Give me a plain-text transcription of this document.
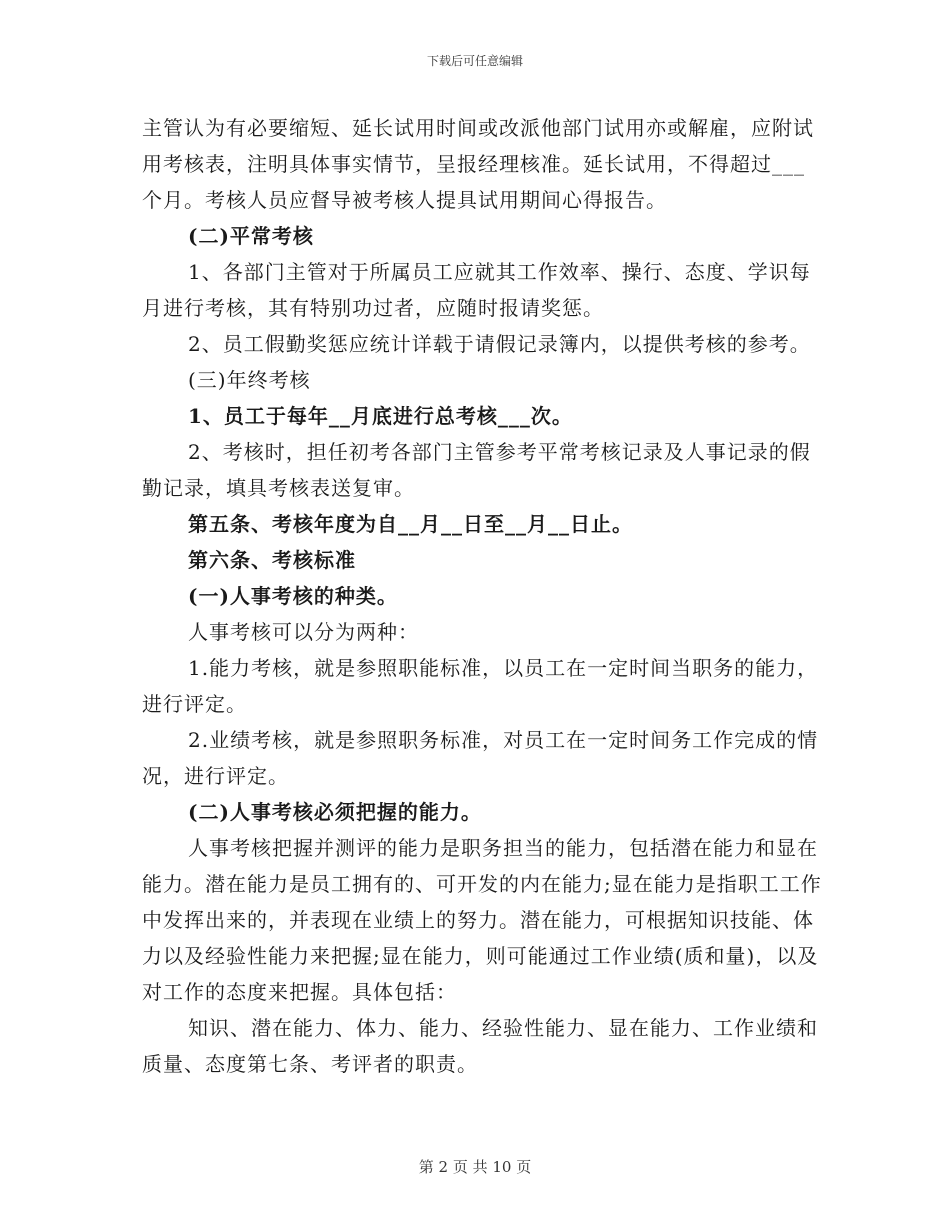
下载后可任意编辑

主管认为有必要缩短、延长试用时间或改派他部门试用亦或解雇，应附试用考核表，注明具体事实情节，呈报经理核准。延长试用，不得超过___个月。考核人员应督导被考核人提具试用期间心得报告。

(二)平常考核

1、各部门主管对于所属员工应就其工作效率、操行、态度、学识每月进行考核，其有特别功过者，应随时报请奖惩。

2、员工假勤奖惩应统计详载于请假记录簿内，以提供考核的参考。

(三)年终考核

1、员工于每年__月底进行总考核___次。

2、考核时，担任初考各部门主管参考平常考核记录及人事记录的假勤记录，填具考核表送复审。

第五条、考核年度为自__月__日至__月__日止。

第六条、考核标准

(一)人事考核的种类。

人事考核可以分为两种：

1.能力考核，就是参照职能标准，以员工在一定时间当职务的能力，进行评定。

2.业绩考核，就是参照职务标准，对员工在一定时间务工作完成的情况，进行评定。

(二)人事考核必须把握的能力。

人事考核把握并测评的能力是职务担当的能力，包括潜在能力和显在能力。潜在能力是员工拥有的、可开发的内在能力;显在能力是指职工工作中发挥出来的，并表现在业绩上的努力。潜在能力，可根据知识技能、体力以及经验性能力来把握;显在能力，则可能通过工作业绩(质和量)，以及对工作的态度来把握。具体包括：

知识、潜在能力、体力、能力、经验性能力、显在能力、工作业绩和质量、态度第七条、考评者的职责。

第 2 页 共 10 页
